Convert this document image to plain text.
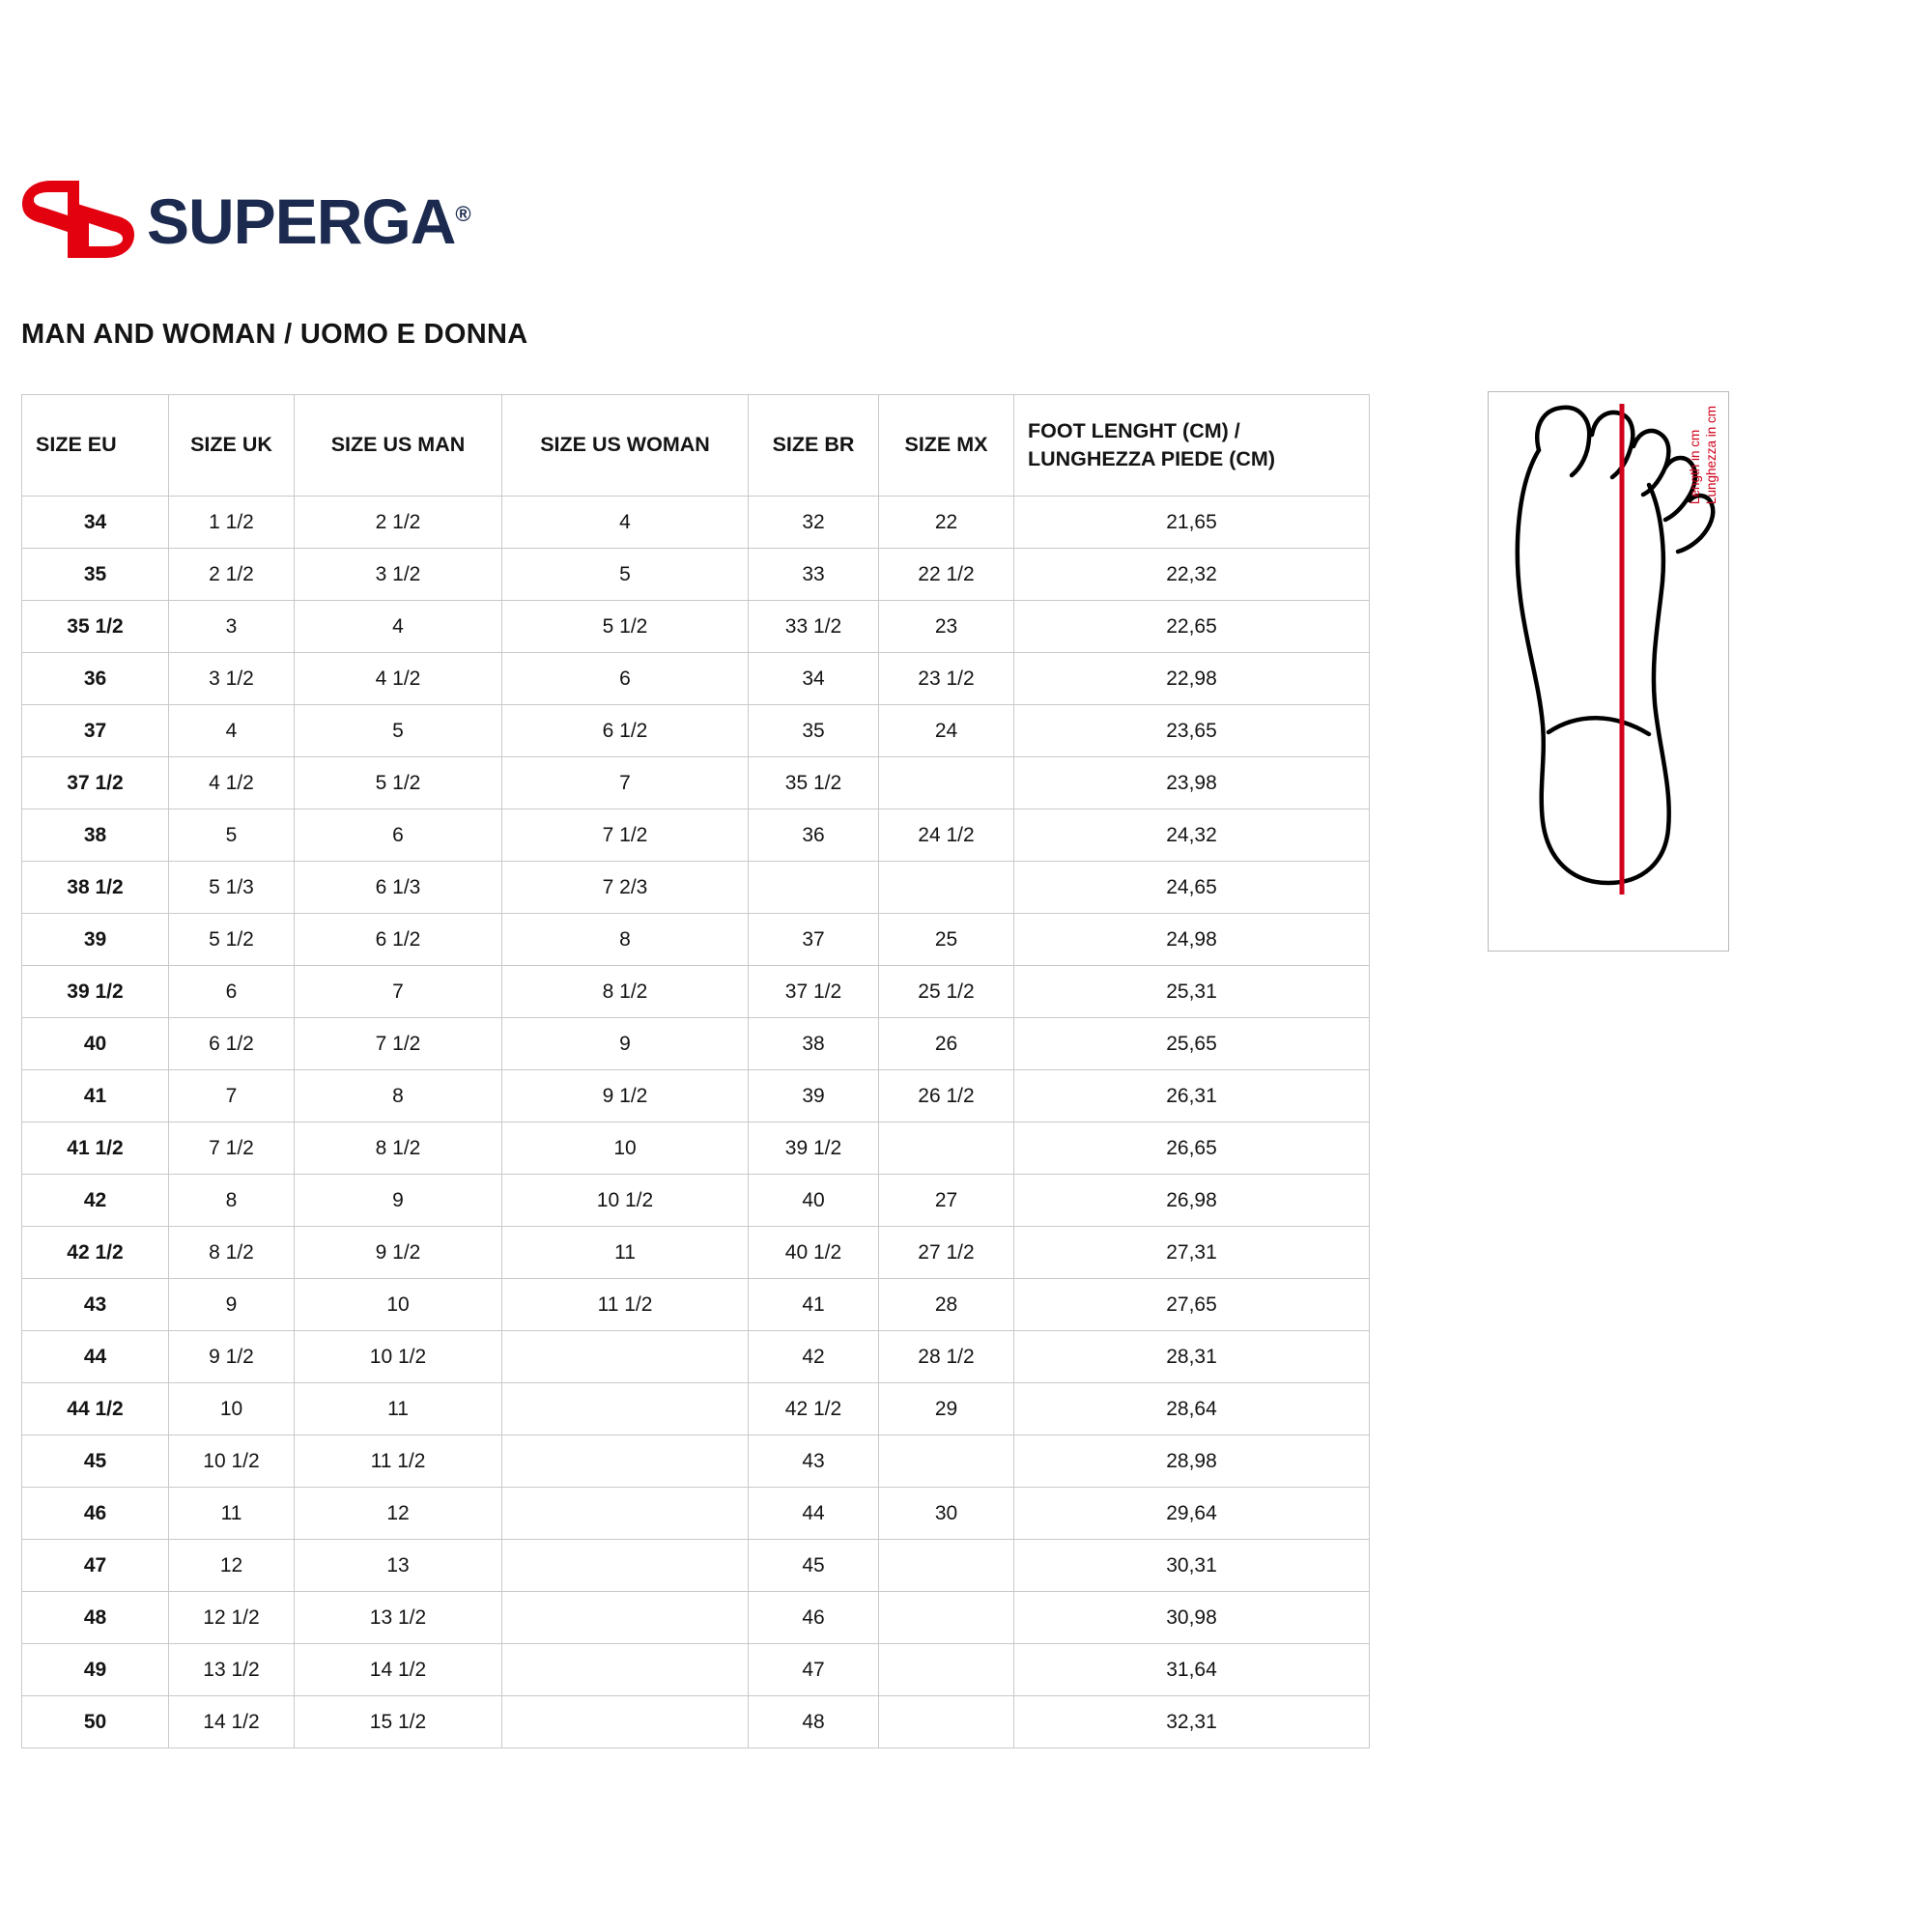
SUPERGA®
MAN AND WOMAN / UOMO E DONNA
SIZE EU	SIZE UK	SIZE US MAN	SIZE US WOMAN	SIZE BR	SIZE MX	FOOT LENGHT (CM) /
LUNGHEZZA PIEDE (CM)

34	1 1/2	2 1/2	4	32	22	21,65
35	2 1/2	3 1/2	5	33	22 1/2	22,32
35 1/2	3	4	5 1/2	33 1/2	23	22,65
36	3 1/2	4 1/2	6	34	23 1/2	22,98
37	4	5	6 1/2	35	24	23,65
37 1/2	4 1/2	5 1/2	7	35 1/2		23,98
38	5	6	7 1/2	36	24 1/2	24,32
38 1/2	5 1/3	6 1/3	7 2/3			24,65
39	5 1/2	6 1/2	8	37	25	24,98
39 1/2	6	7	8 1/2	37 1/2	25 1/2	25,31
40	6 1/2	7 1/2	9	38	26	25,65
41	7	8	9 1/2	39	26 1/2	26,31
41 1/2	7 1/2	8 1/2	10	39 1/2		26,65
42	8	9	10 1/2	40	27	26,98
42 1/2	8 1/2	9 1/2	11	40 1/2	27 1/2	27,31
43	9	10	11 1/2	41	28	27,65
44	9 1/2	10 1/2		42	28 1/2	28,31
44 1/2	10	11		42 1/2	29	28,64
45	10 1/2	11 1/2		43		28,98
46	11	12		44	30	29,64
47	12	13		45		30,31
48	12 1/2	13 1/2		46		30,98
49	13 1/2	14 1/2		47		31,64
50	14 1/2	15 1/2		48		32,31
Length in cm Lunghezza in cm
